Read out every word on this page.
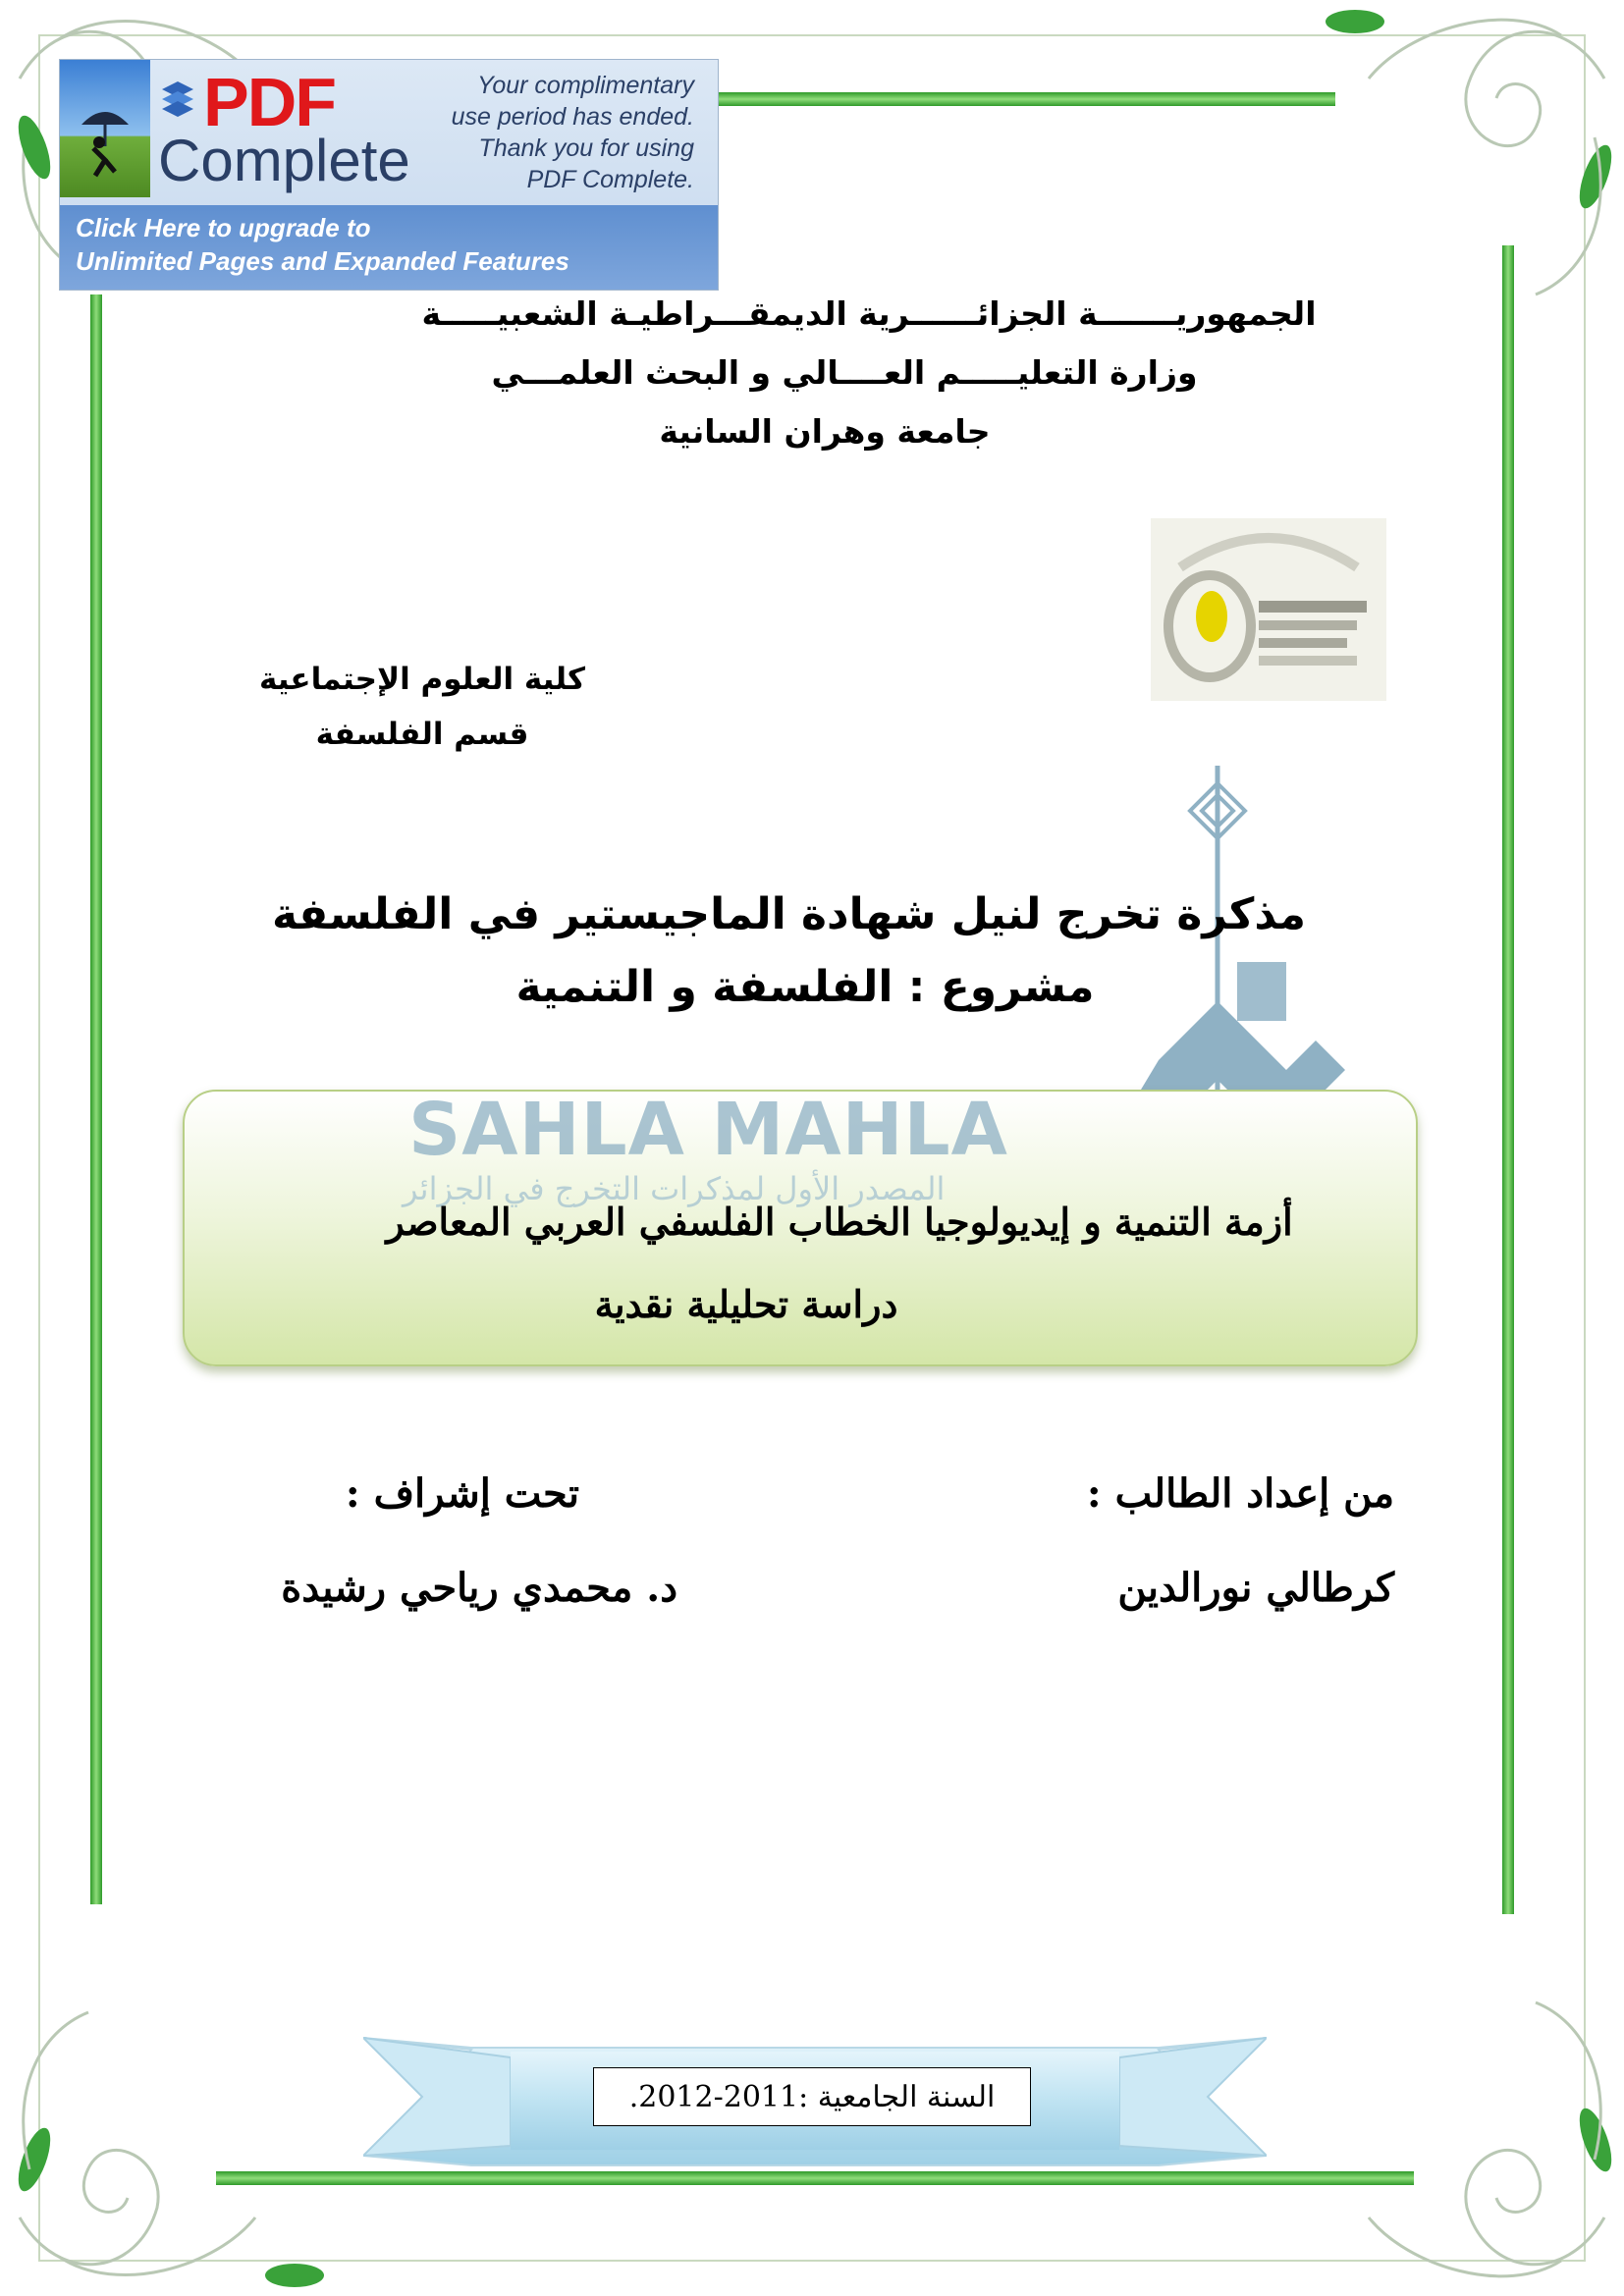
PDF
Complete
Your complimentary
use period has ended.
Thank you for using
PDF Complete.
Click Here to upgrade to
Unlimited Pages and Expanded Features
الجمهوريـــــــة الجزائــــــرية الديمقـــراطيـة الشعبيـــــة
وزارة التعليـــــم العــــالي و البحث العلمـــي
جامعة وهران السانية
كلية العلوم الإجتماعية
قسم الفلسفة
مذكرة تخرج لنيل شهادة الماجيستير في الفلسفة
مشروع : الفلسفة و التنمية
SAHLA MAHLA
المصدر الأول لمذكرات التخرج في الجزائر
أزمة التنمية و إيديولوجيا الخطاب الفلسفي العربي المعاصر
دراسة تحليلية نقدية
من إعداد الطالب :
كرطالي نورالدين
تحت إشراف :
د. محمدي رياحي رشيدة
السنة الجامعية :2011-2012.
